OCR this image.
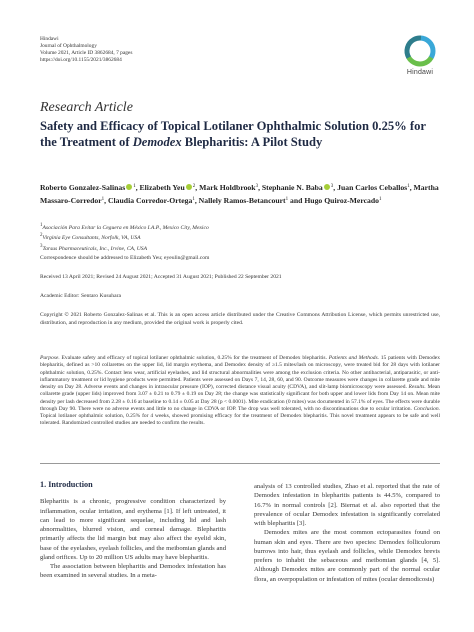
Hindawi
Journal of Ophthalmology
Volume 2021, Article ID 3862684, 7 pages
https://doi.org/10.1155/2021/3862684
Hindawi
Research Article
Safety and Efficacy of Topical Lotilaner Ophthalmic Solution 0.25% for the Treatment of Demodex Blepharitis: A Pilot Study
Roberto Gonzalez-Salinas $^1$, Elizabeth Yeu $^2$, Mark Holdbrook$^3$, Stephanie N. Baba $^3$, Juan Carlos Ceballos$^1$, Martha Massaro-Corredor$^1$, Claudia Corredor-Ortega$^1$, Nallely Ramos-Betancourt$^1$ and Hugo Quiroz-Mercado$^1$
1Asociación Para Evitar la Ceguera en México I.A.P., Mexico City, Mexico
2Virginia Eye Consultants, Norfolk, VA, USA
3Tarsus Pharmaceuticals, Inc., Irvine, CA, USA
Correspondence should be addressed to Elizabeth Yeu; eyeulin@gmail.com
Received 13 April 2021; Revised 24 August 2021; Accepted 31 August 2021; Published 22 September 2021
Academic Editor: Sentaro Kusuhara
Copyright © 2021 Roberto Gonzalez-Salinas et al. This is an open access article distributed under the Creative Commons Attribution License, which permits unrestricted use, distribution, and reproduction in any medium, provided the original work is properly cited.
Purpose. Evaluate safety and efficacy of topical lotilaner ophthalmic solution, 0.25% for the treatment of Demodex blepharitis. Patients and Methods. 15 patients with Demodex blepharitis, defined as >10 collarettes on the upper lid, lid margin erythema, and Demodex density of ≥1.5 mites/lash on microscopy, were treated bid for 28 days with lotilaner ophthalmic solution, 0.25%. Contact lens wear, artificial eyelashes, and lid structural abnormalities were among the exclusion criteria. No other antibacterial, antiparasitic, or anti-inflammatory treatment or lid hygiene products were permitted. Patients were assessed on Days 7, 14, 28, 60, and 90. Outcome measures were changes in collarette grade and mite density on Day 28. Adverse events and changes in intraocular pressure (IOP), corrected distance visual acuity (CDVA), and slit-lamp biomicroscopy were assessed. Results. Mean collarette grade (upper lids) improved from 3.07 ± 0.21 to 0.79 ± 0.19 on Day 28; the change was statistically significant for both upper and lower lids from Day 14 on. Mean mite density per lash decreased from 2.28 ± 0.16 at baseline to 0.14 ± 0.05 at Day 28 (p < 0.0001). Mite eradication (0 mites) was documented in 57.1% of eyes. The effects were durable through Day 90. There were no adverse events and little to no change in CDVA or IOP. The drop was well tolerated, with no discontinuations due to ocular irritation. Conclusion. Topical lotilaner ophthalmic solution, 0.25% for 4 weeks, showed promising efficacy for the treatment of Demodex blepharitis. This novel treatment appears to be safe and well tolerated. Randomized controlled studies are needed to confirm the results.
1. Introduction

Blepharitis is a chronic, progressive condition characterized by inflammation, ocular irritation, and erythema [1]. If left untreated, it can lead to more significant sequelae, including lid and lash abnormalities, blurred vision, and corneal damage. Blepharitis primarily affects the lid margin but may also affect the eyelid skin, base of the eyelashes, eyelash follicles, and the meibomian glands and gland orifices. Up to 20 million US adults may have blepharitis.

The association between blepharitis and Demodex infestation has been examined in several studies. In a meta-

analysis of 13 controlled studies, Zhao et al. reported that the rate of Demodex infestation in blepharitis patients is 44.5%, compared to 16.7% in normal controls [2]. Biernat et al. also reported that the prevalence of ocular Demodex infestation is significantly correlated with blepharitis [3].

Demodex mites are the most common ectoparasites found on human skin and eyes. There are two species: Demodex folliculorum burrows into hair, thus eyelash and follicles, while Demodex brevis prefers to inhabit the sebaceous and meibomian glands [4, 5]. Although Demodex mites are commonly part of the normal ocular flora, an overpopulation or infestation of mites (ocular demodicosis)
